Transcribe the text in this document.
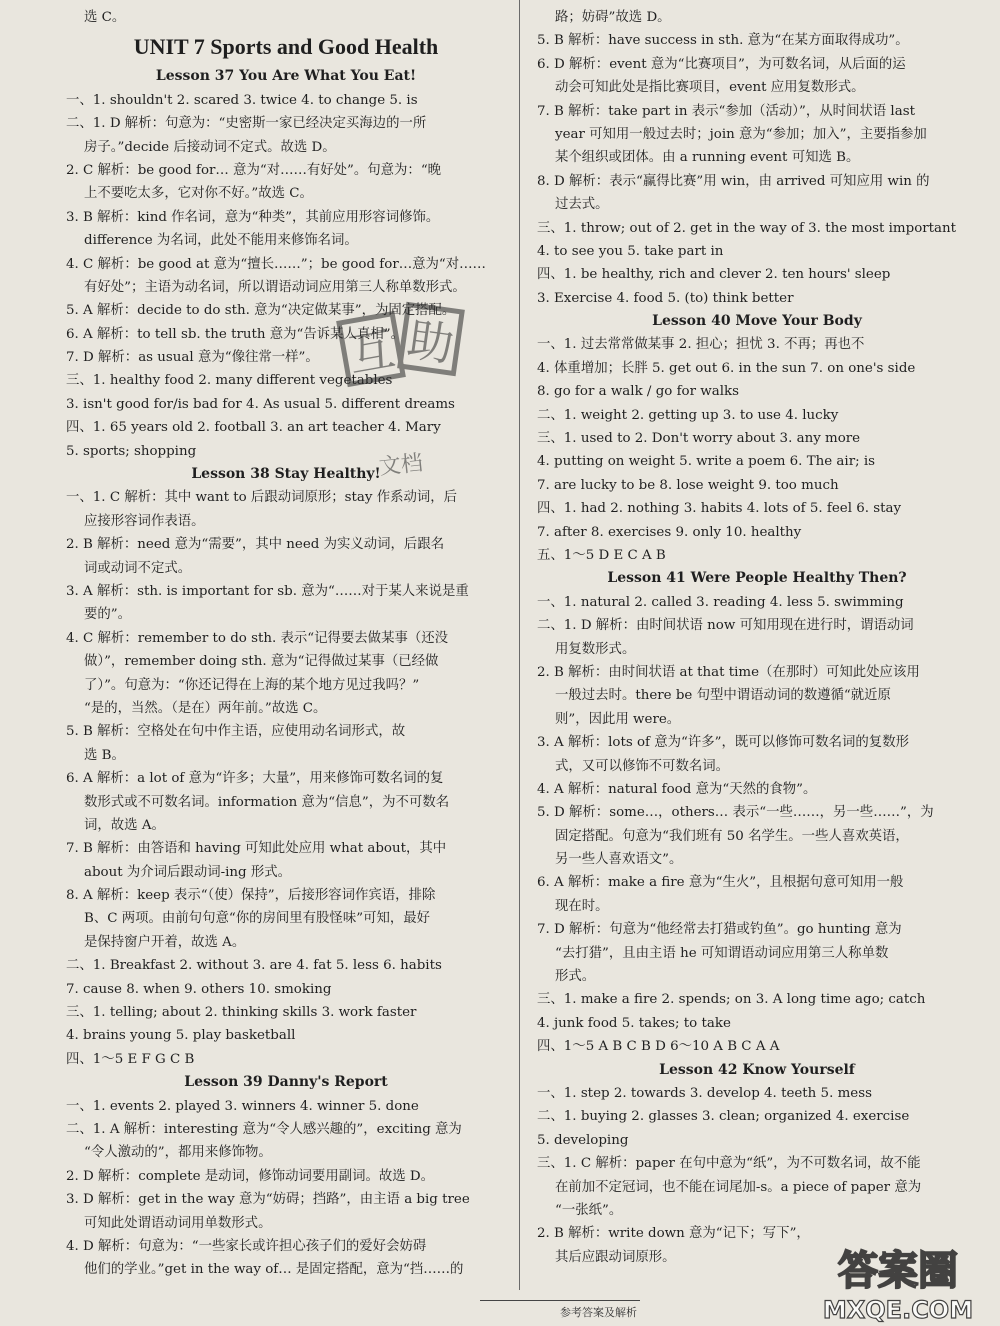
选 C。
UNIT 7 Sports and Good Health
Lesson 37 You Are What You Eat!
一、1. shouldn't 2. scared 3. twice 4. to change 5. is
二、1. D 解析：句意为：“史密斯一家已经决定买海边的一所
房子。”decide 后接动词不定式。故选 D。
2. C 解析：be good for… 意为“对……有好处”。句意为：“晚
上不要吃太多，它对你不好。”故选 C。
3. B 解析：kind 作名词，意为“种类”，其前应用形容词修饰。
difference 为名词，此处不能用来修饰名词。
4. C 解析：be good at 意为“擅长……”；be good for…意为“对……
有好处”；主语为动名词，所以谓语动词应用第三人称单数形式。
5. A 解析：decide to do sth. 意为“决定做某事”，为固定搭配。
6. A 解析：to tell sb. the truth 意为“告诉某人真相”。
7. D 解析：as usual 意为“像往常一样”。
三、1. healthy food 2. many different vegetables
3. isn't good for/is bad for 4. As usual 5. different dreams
四、1. 65 years old 2. football 3. an art teacher 4. Mary
5. sports; shopping
Lesson 38 Stay Healthy!
一、1. C 解析：其中 want to 后跟动词原形；stay 作系动词，后
应接形容词作表语。
2. B 解析：need 意为“需要”，其中 need 为实义动词，后跟名
词或动词不定式。
3. A 解析：sth. is important for sb. 意为“……对于某人来说是重
要的”。
4. C 解析：remember to do sth. 表示“记得要去做某事（还没
做）”，remember doing sth. 意为“记得做过某事（已经做
了）”。句意为：“你还记得在上海的某个地方见过我吗？”
“是的，当然。（是在）两年前。”故选 C。
5. B 解析：空格处在句中作主语，应使用动名词形式，故
选 B。
6. A 解析：a lot of 意为“许多；大量”，用来修饰可数名词的复
数形式或不可数名词。information 意为“信息”，为不可数名
词，故选 A。
7. B 解析：由答语和 having 可知此处应用 what about，其中
about 为介词后跟动词-ing 形式。
8. A 解析：keep 表示“（使）保持”，后接形容词作宾语，排除
B、C 两项。由前句句意“你的房间里有股怪味”可知，最好
是保持窗户开着，故选 A。
二、1. Breakfast 2. without 3. are 4. fat 5. less 6. habits
7. cause 8. when 9. others 10. smoking
三、1. telling; about 2. thinking skills 3. work faster
4. brains young 5. play basketball
四、1～5 E F G C B
Lesson 39 Danny's Report
一、1. events 2. played 3. winners 4. winner 5. done
二、1. A 解析：interesting 意为“令人感兴趣的”，exciting 意为
“令人激动的”，都用来修饰物。
2. D 解析：complete 是动词，修饰动词要用副词。故选 D。
3. D 解析：get in the way 意为“妨碍；挡路”，由主语 a big tree
可知此处谓语动词用单数形式。
4. D 解析：句意为：“一些家长或许担心孩子们的爱好会妨碍
他们的学业。”get in the way of… 是固定搭配，意为“挡……的
路；妨碍”故选 D。
5. B 解析：have success in sth. 意为“在某方面取得成功”。
6. D 解析：event 意为“比赛项目”，为可数名词，从后面的运
动会可知此处是指比赛项目，event 应用复数形式。
7. B 解析：take part in 表示“参加（活动）”，从时间状语 last
year 可知用一般过去时；join 意为“参加；加入”，主要指参加
某个组织或团体。由 a running event 可知选 B。
8. D 解析：表示“赢得比赛”用 win，由 arrived 可知应用 win 的
过去式。
三、1. throw; out of 2. get in the way of 3. the most important
4. to see you 5. take part in
四、1. be healthy, rich and clever 2. ten hours' sleep
3. Exercise 4. food 5. (to) think better
Lesson 40 Move Your Body
一、1. 过去常常做某事 2. 担心；担忧 3. 不再；再也不
4. 体重增加；长胖 5. get out 6. in the sun 7. on one's side
8. go for a walk / go for walks
二、1. weight 2. getting up 3. to use 4. lucky
三、1. used to 2. Don't worry about 3. any more
4. putting on weight 5. write a poem 6. The air; is
7. are lucky to be 8. lose weight 9. too much
四、1. had 2. nothing 3. habits 4. lots of 5. feel 6. stay
7. after 8. exercises 9. only 10. healthy
五、1～5 D E C A B
Lesson 41 Were People Healthy Then?
一、1. natural 2. called 3. reading 4. less 5. swimming
二、1. D 解析：由时间状语 now 可知用现在进行时，谓语动词
用复数形式。
2. B 解析：由时间状语 at that time（在那时）可知此处应该用
一般过去时。there be 句型中谓语动词的数遵循“就近原
则”，因此用 were。
3. A 解析：lots of 意为“许多”，既可以修饰可数名词的复数形
式，又可以修饰不可数名词。
4. A 解析：natural food 意为“天然的食物”。
5. D 解析：some…，others… 表示“一些……，另一些……”，为
固定搭配。句意为“我们班有 50 名学生。一些人喜欢英语，
另一些人喜欢语文”。
6. A 解析：make a fire 意为“生火”，且根据句意可知用一般
现在时。
7. D 解析：句意为“他经常去打猎或钓鱼”。go hunting 意为
“去打猎”，且由主语 he 可知谓语动词应用第三人称单数
形式。
三、1. make a fire 2. spends; on 3. A long time ago; catch
4. junk food 5. takes; to take
四、1～5 A B C B D 6～10 A B C A A
Lesson 42 Know Yourself
一、1. step 2. towards 3. develop 4. teeth 5. mess
二、1. buying 2. glasses 3. clean; organized 4. exercise
5. developing
三、1. C 解析：paper 在句中意为“纸”，为不可数名词，故不能
在前加不定冠词，也不能在词尾加-s。a piece of paper 意为
“一张纸”。
2. B 解析：write down 意为“记下；写下”，
其后应跟动词原形。
参考答案及解析
互 助
文档
答案圈
MXQE.COM
